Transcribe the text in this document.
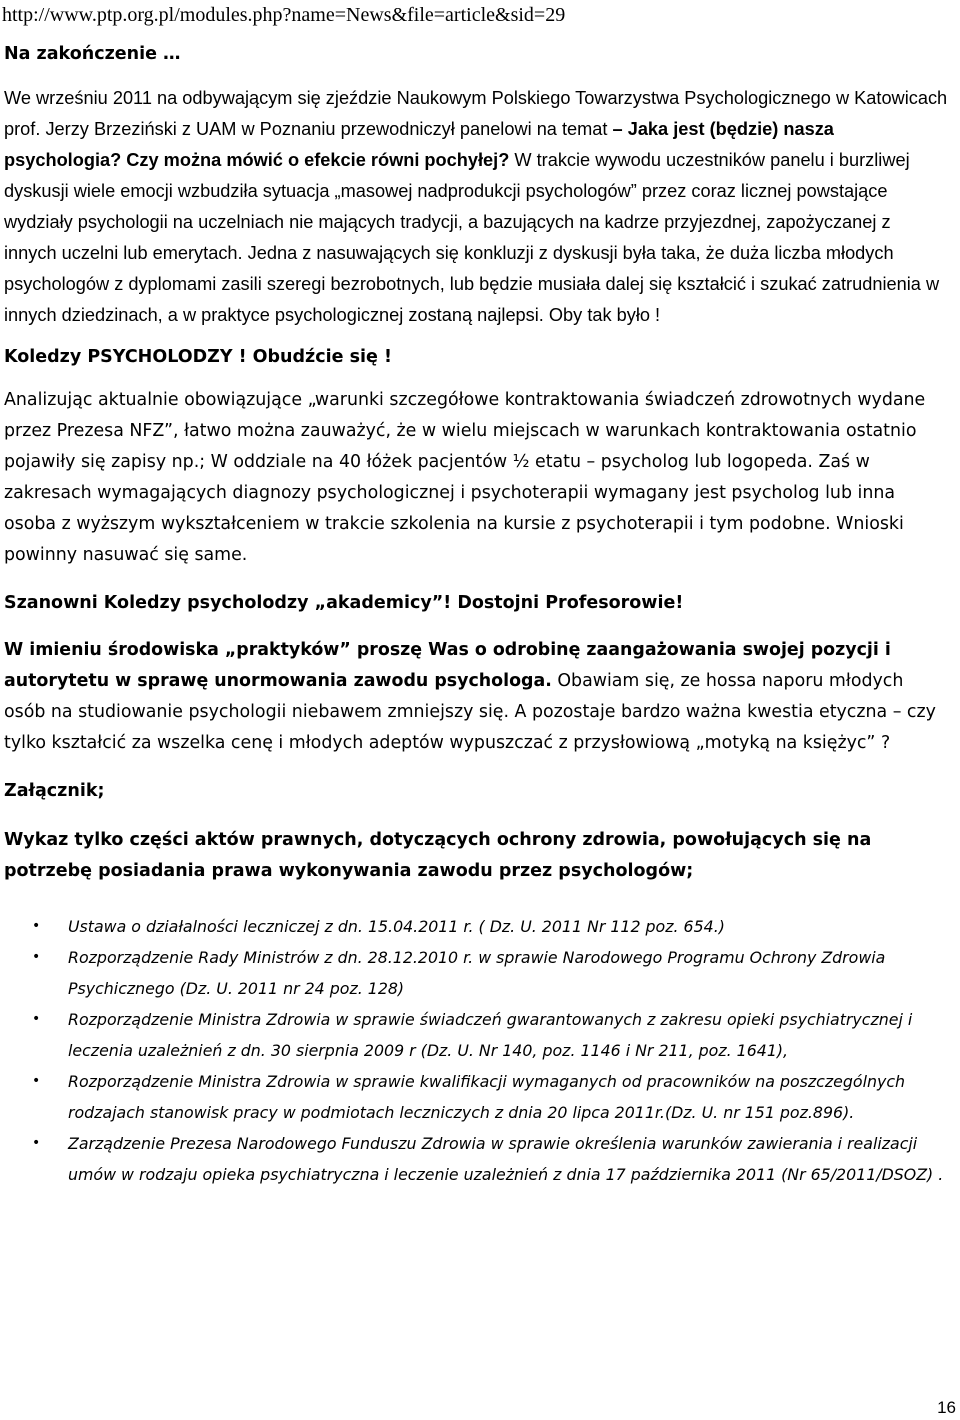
http://www.ptp.org.pl/modules.php?name=News&file=article&sid=29

Na zakończenie …

We wrześniu 2011 na odbywającym się zjeździe Naukowym Polskiego Towarzystwa Psychologicznego w Katowicach prof. Jerzy Brzeziński z UAM w Poznaniu przewodniczył panelowi na temat – Jaka jest (będzie) nasza psychologia? Czy można mówić o efekcie równi pochyłej? W trakcie wywodu uczestników panelu i burzliwej dyskusji wiele emocji wzbudziła sytuacja „masowej nadprodukcji psychologów” przez coraz licznej powstające wydziały psychologii na uczelniach nie mających tradycji, a bazujących na kadrze przyjezdnej, zapożyczanej z innych uczelni lub emerytach. Jedna z nasuwających się konkluzji z dyskusji była taka, że duża liczba młodych psychologów z dyplomami zasili szeregi bezrobotnych, lub będzie musiała dalej się kształcić i szukać zatrudnienia w innych dziedzinach, a w praktyce psychologicznej zostaną najlepsi. Oby tak było !

Koledzy PSYCHOLODZY ! Obudźcie się !

Analizując aktualnie obowiązujące „warunki szczegółowe kontraktowania świadczeń zdrowotnych wydane przez Prezesa NFZ”, łatwo można zauważyć, że w wielu miejscach w warunkach kontraktowania ostatnio pojawiły się zapisy np.; W oddziale na 40 łóżek pacjentów ½ etatu – psycholog lub logopeda. Zaś w zakresach wymagających diagnozy psychologicznej i psychoterapii wymagany jest psycholog lub inna osoba z wyższym wykształceniem w trakcie szkolenia na kursie z psychoterapii i tym podobne. Wnioski powinny nasuwać się same.

Szanowni Koledzy psycholodzy „akademicy”! Dostojni Profesorowie!

W imieniu środowiska „praktyków” proszę Was o odrobinę zaangażowania swojej pozycji i autorytetu w sprawę unormowania zawodu psychologa. Obawiam się, ze hossa naporu młodych osób na studiowanie psychologii niebawem zmniejszy się. A pozostaje bardzo ważna kwestia etyczna – czy tylko kształcić za wszelka cenę i młodych adeptów wypuszczać z przysłowiową „motyką na księżyc” ?

Załącznik;

Wykaz tylko części aktów prawnych, dotyczących ochrony zdrowia, powołujących się na potrzebę posiadania prawa wykonywania zawodu przez psychologów;

• Ustawa o działalności leczniczej z dn. 15.04.2011 r. ( Dz. U. 2011 Nr 112 poz. 654.)
• Rozporządzenie Rady Ministrów z dn. 28.12.2010 r. w sprawie Narodowego Programu Ochrony Zdrowia Psychicznego (Dz. U. 2011 nr 24 poz. 128)
• Rozporządzenie Ministra Zdrowia w sprawie świadczeń gwarantowanych z zakresu opieki psychiatrycznej i leczenia uzależnień z dn. 30 sierpnia 2009 r (Dz. U. Nr 140, poz. 1146 i Nr 211, poz. 1641),
• Rozporządzenie Ministra Zdrowia w sprawie kwalifikacji wymaganych od pracowników na poszczególnych rodzajach stanowisk pracy w podmiotach leczniczych z dnia 20 lipca 2011r.(Dz. U. nr 151 poz.896).
• Zarządzenie Prezesa Narodowego Funduszu Zdrowia w sprawie określenia warunków zawierania i realizacji umów w rodzaju opieka psychiatryczna i leczenie uzależnień z dnia 17 października 2011 (Nr 65/2011/DSOZ) .
16
